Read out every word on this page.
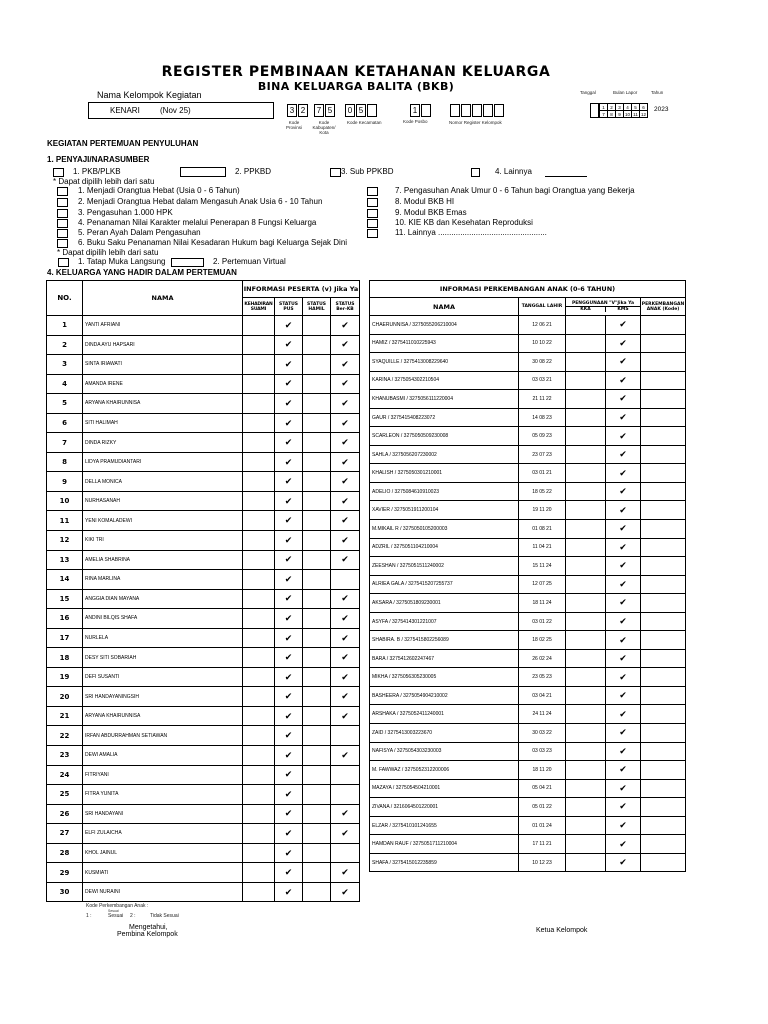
REGISTER PEMBINAAN KETAHANAN KELUARGA
BINA KELUARGA BALITA (BKB)
Nama Kelompok Kegiatan
KENARI	(Nov 25)	3 2	7 5	0 5	1
Kode Provinsi
Kode Kabupaten/ Kota
Kode Kecamatan	Kode Posbo	Nomor Register Kelompok
Tanggal	Bulan Lapor	Tahun
1	2	3	4	5	6
7	8	9	10	11	12
2023
KEGIATAN PERTEMUAN PENYULUHAN
1. PENYAJI/NARASUMBER
1. PKB/PLKB	2. PPKBD	3. Sub PPKBD	4. Lainnya
* Dapat dipilih lebih dari satu
1. Menjadi Orangtua Hebat (Usia 0 - 6 Tahun)
2. Menjadi Orangtua Hebat dalam Mengasuh Anak Usia 6 - 10 Tahun
3. Pengasuhan 1.000 HPK
4. Penanaman Nilai Karakter melalui Penerapan 8 Fungsi Keluarga
5. Peran Ayah Dalam Pengasuhan
6. Buku Saku Penanaman Nilai Kesadaran Hukum bagi Keluarga Sejak Dini
7. Pengasuhan Anak Umur 0 - 6 Tahun bagi Orangtua yang Bekerja
8. Modul BKB HI
9. Modul BKB Emas
10. KIE KB dan Kesehatan Reproduksi
11. Lainnya .................................................
* Dapat dipilih lebih dari satu
1. Tatap Muka Langsung	2. Pertemuan Virtual
4. KELUARGA YANG HADIR DALAM PERTEMUAN
NO.	NAMA	INFORMASI PESERTA (v) Jika Ya				
		KEHADIRAN SUAMI	STATUS PUS	STATUS HAMIL	STATUS Ber-KB	
1	YANTI AFRIANI		✔		✔	
2	DINDA AYU HAPSARI		✔		✔	
3	SINTA IRIAWATI		✔		✔	
4	AMANDA IRENE		✔		✔	
5	ARYANA KHAIRUNNISA		✔		✔	
6	SITI HALIMAH		✔		✔	
7	DINDA RIZKY		✔		✔	
8	LIDYA PRAMUDIANTARI		✔		✔	
9	DELLA MONICA		✔		✔	
10	NURHASANAH		✔		✔	
11	YENI KOMALADEWI		✔		✔	
12	KIKI TRI		✔		✔	
13	AMELIA SHABRINA		✔		✔	
14	RINA MARLINA		✔			
15	ANGGIA DIAN MAYANA		✔		✔	
16	ANDINI BILQIS SHAFA		✔		✔	
17	NURLELA		✔		✔	
18	DESY SITI SOBARIAH		✔		✔	
19	DEFI SUSANTI		✔		✔	
20	SRI HANDAYANINGSIH		✔		✔	
21	ARYANA KHAIRUNNISA		✔		✔	
22	IRFAN ABDURRAHMAN SETIAWAN		✔			
23	DEWI AMALIA		✔		✔	
24	FITRIYANI		✔			
25	FITRA YUNITA		✔			
26	SRI HANDAYANI		✔		✔	
27	ELFI ZULAICHA		✔		✔	
28	KHOL JAINUL		✔			
29	KUSMIATI		✔		✔	
30	DEWI NURAINI		✔		✔	
INFORMASI PERKEMBANGAN ANAK (0-6 TAHUN)				
NAMA	TANGGAL LAHIR	PENGGUNAAN "V"Jika Ya
KKA KMS		PERKEMBANGAN ANAK (Kode)
CHAERUNNISA / 3275055206210004	12 06 21		✔	
HAMIZ / 3275411010225943	10 10 22		✔	
SYAQUILLE / 3275413008229640	30 08 22		✔	
KARINA / 3275054302210504	03 03 21		✔	
KHANUBASMI / 3275056111220004	21 11 22		✔	
GAUR / 3275415408223072	14 08 23		✔	
SCARLEON / 3275050509230008	05 09 23		✔	
SAHLA / 3275056207230002	23 07 23		✔	
KHALISH / 3275050301210001	03 01 21		✔	
ADELIO / 3275084610910023	18 05 22		✔	
XAVIER / 3275051911200104	19 11 20		✔	
M.MIKAIL R / 3275050105200003	01 08 21		✔	
ADZRIL / 3275051104210004	11 04 21		✔	
ZEESHAN / 3275051511240002	15 11 24		✔	
ALRIEA GALA / 3275415207255737	12 07 25		✔	
AKSARA / 3275051809230001	18 11 24		✔	
ASYFA / 3275414301221007	03 01 22		✔	
SHABIRA. B / 3275415802256089	18 02 25		✔	
BARA / 3275412602247467	26 02 24		✔	
MIKHA / 3275056305230005	23 05 23		✔	
BASHEERA / 3275054904210002	03 04 21		✔	
ARSHAKA / 3275052411240001	24 11 24		✔	
ZAID / 3275413003223670	30 03 22		✔	
NAFISYA / 3275054303230003	03 03 23		✔	
M. FAWWAZ / 3275052312200006	18 11 20		✔	
MAZAYA / 3275054504210001	05 04 21		✔	
ZIVANA / 3216064501220001	05 01 22		✔	
ELZAR / 3275410101241655	01 01 24		✔	
HAMDAN RAUF / 3275051711210004	17 11 21		✔	
SHAFA / 3275415012235859	10 12 23		✔	
Kode Perkembangan Anak :
1 :
Sesuai
Sesuai 2 :	Tidak Sesuai
Mengetahui,
Pembina Kelompok
Ketua Kelompok
